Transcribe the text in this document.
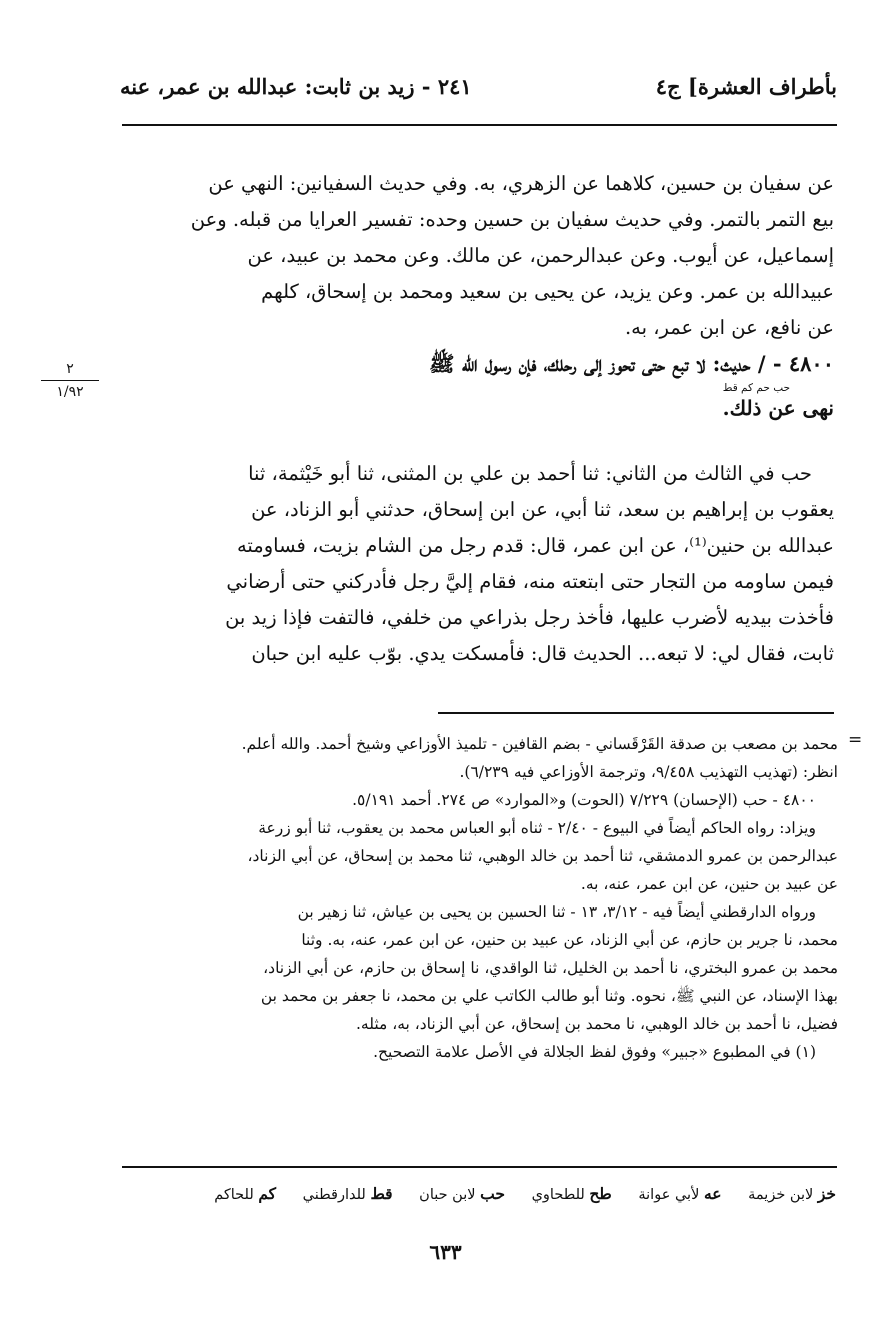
بأطراف العشرة] ج٤
٢٤١ - زيد بن ثابت: عبدالله بن عمر، عنه

عن سفيان بن حسين، كلاهما عن الزهري، به. وفي حديث السفيانين: النهي عن

بيع التمر بالتمر. وفي حديث سفيان بن حسين وحده: تفسير العرايا من قبله. وعن

إسماعيل، عن أيوب. وعن عبدالرحمن، عن مالك. وعن محمد بن عبيد، عن

عبيدالله بن عمر. وعن يزيد، عن يحيى بن سعيد ومحمد بن إسحاق، كلهم

عن نافع، عن ابن عمر، به.

٤٨٠٠ - / حديث: لا تبع حتى تحوز إلى رحلك، فإن رسول الله ﷺ

حب حم كم قط

نهى عن ذلك.

٢
١/٩٢

حب في الثالث من الثاني: ثنا أحمد بن علي بن المثنى، ثنا أبو خَيْثمة، ثنا

يعقوب بن إبراهيم بن سعد، ثنا أبي، عن ابن إسحاق، حدثني أبو الزناد، عن

عبدالله بن حنين⁽¹⁾، عن ابن عمر، قال: قدم رجل من الشام بزيت، فساومته

فيمن ساومه من التجار حتى ابتعته منه، فقام إليَّ رجل فأدركني حتى أرضاني

فأخذت بيديه لأضرب عليها، فأخذ رجل بذراعي من خلفي، فالتفت فإذا زيد بن

ثابت، فقال لي: لا تبعه... الحديث قال: فأمسكت يدي. بوّب عليه ابن حبان

=

محمد بن مصعب بن صدقة القَرْقَساني - بضم القافين - تلميذ الأوزاعي وشيخ أحمد. والله أعلم.

انظر: (تهذيب التهذيب ٩/٤٥٨، وترجمة الأوزاعي فيه ٦/٢٣٩).

٤٨٠٠ - حب (الإحسان) ٧/٢٢٩ (الحوت) و«الموارد» ص ٢٧٤. أحمد ٥/١٩١.

ويزاد: رواه الحاكم أيضاً في البيوع - ٢/٤٠ - ثناه أبو العباس محمد بن يعقوب، ثنا أبو زرعة

عبدالرحمن بن عمرو الدمشقي، ثنا أحمد بن خالد الوهبي، ثنا محمد بن إسحاق، عن أبي الزناد،

عن عبيد بن حنين، عن ابن عمر، عنه، به.

ورواه الدارقطني أيضاً فيه - ٣/١٢، ١٣ - ثنا الحسين بن يحيى بن عياش، ثنا زهير بن

محمد، نا جرير بن حازم، عن أبي الزناد، عن عبيد بن حنين، عن ابن عمر، عنه، به. وثنا

محمد بن عمرو البختري، نا أحمد بن الخليل، ثنا الواقدي، نا إسحاق بن حازم، عن أبي الزناد،

بهذا الإسناد، عن النبي ﷺ، نحوه. وثنا أبو طالب الكاتب علي بن محمد، نا جعفر بن محمد بن

فضيل، نا أحمد بن خالد الوهبي، نا محمد بن إسحاق، عن أبي الزناد، به، مثله.

(١) في المطبوع «جبير» وفوق لفظ الجلالة في الأصل علامة التصحيح.

خز لابن خزيمة عه لأبي عوانة طح للطحاوي حب لابن حبان قط للدارقطني كم للحاكم
٦٣٣
